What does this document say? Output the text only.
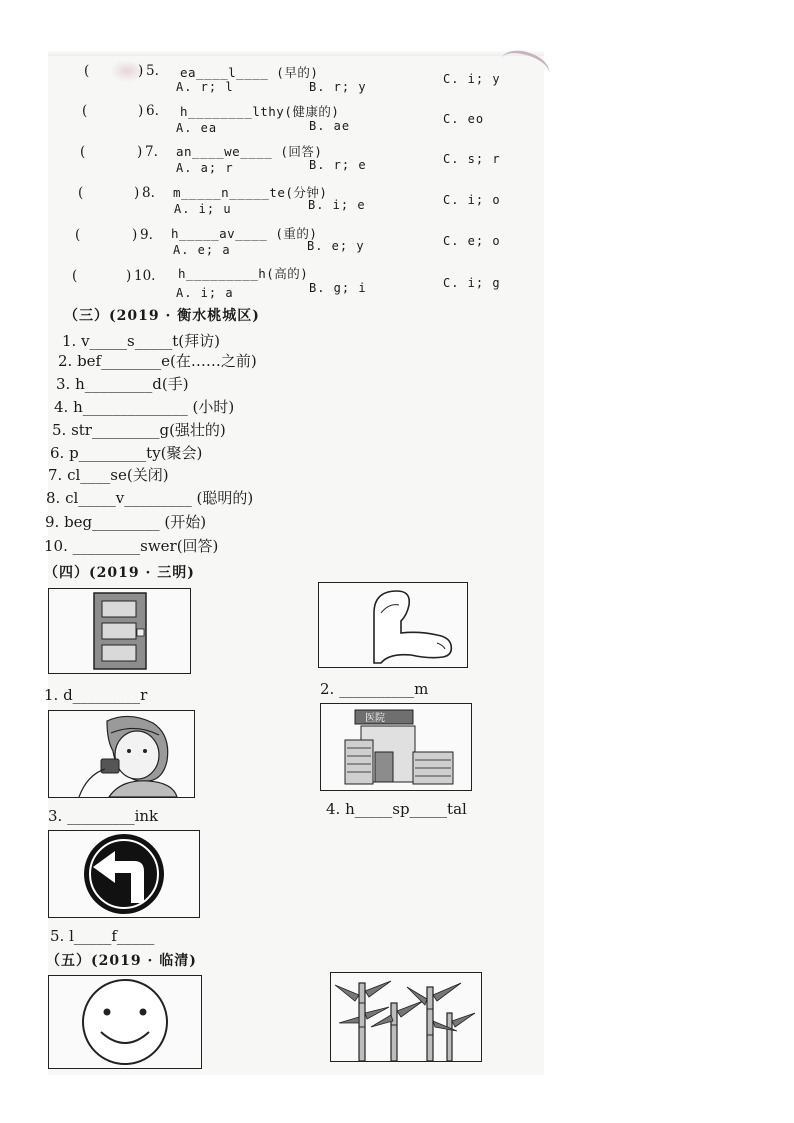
(	) 5. ea____l____ (早的)
A. r; l	B. r; y
C. i; y
(	) 6. h________lthy(健康的)
A. ea	B. ae	C. eo
(	) 7. an____we____ (回答)
A. a; r	B. r; e	C. s; r
(	) 8. m_____n_____te(分钟)
A. i; u	B. i; e	C. i; o
(	) 9. h_____av____ (重的)
A. e; a	B. e; y	C. e; o
(	) 10. h_________h(高的)
A. i; a	B. g; i	C. i; g
（三）(2019 · 衡水桃城区)
1. v_____s_____t(拜访)
2. bef________e(在……之前)
3. h_________d(手)
4. h______________ (小时)
5. str_________g(强壮的)
6. p_________ty(聚会)
7. cl____se(关闭)
8. cl_____v_________ (聪明的)
9. beg_________ (开始)
10. _________swer(回答)
（四）(2019 · 三明)
1. d_________r	2. __________m
3. _________ink
医院
4. h_____sp_____tal
5. l_____f_____
（五）(2019 · 临清)
